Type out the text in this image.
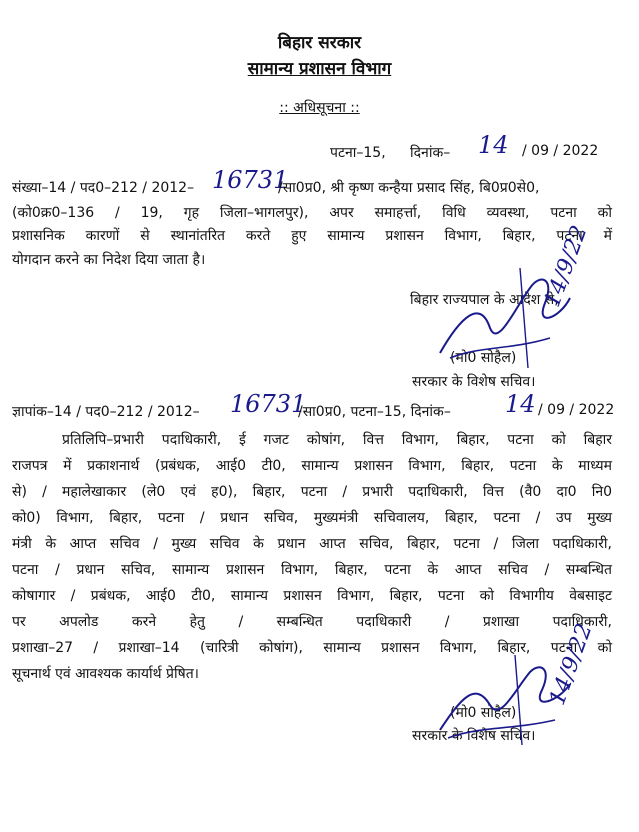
बिहार सरकार
सामान्य प्रशासन विभाग
:: अधिसूचना ::
पटना–15, दिनांक– 14 / 09 / 2022
संख्या–14 / पद0–212 / 2012– 16731
/सा0प्र0, श्री कृष्ण कन्हैया प्रसाद सिंह, बि0प्र0से0,
(को0क्र0–136 / 19, गृह जिला–भागलपुर), अपर समाहर्त्ता, विधि व्यवस्था, पटना को
प्रशासनिक कारणों से स्थानांतरित करते हुए सामान्य प्रशासन विभाग, बिहार, पटना में
योगदान करने का निदेश दिया जाता है।
बिहार राज्यपाल के आदेश से,
(मो0 सोहैल)
सरकार के विशेष सचिव।
14/9/22
ज्ञापांक–14 / पद0–212 / 2012– 16731
/सा0प्र0, पटना–15, दिनांक– 14 / 09 / 2022
प्रतिलिपि–प्रभारी पदाधिकारी, ई गजट कोषांग, वित्त विभाग, बिहार, पटना को बिहार
राजपत्र में प्रकाशनार्थ (प्रबंधक, आई0 टी0, सामान्य प्रशासन विभाग, बिहार, पटना के माध्यम
से) / महालेखाकार (ले0 एवं ह0), बिहार, पटना / प्रभारी पदाधिकारी, वित्त (वै0 दा0 नि0
को0) विभाग, बिहार, पटना / प्रधान सचिव, मुख्यमंत्री सचिवालय, बिहार, पटना / उप मुख्य
मंत्री के आप्त सचिव / मुख्य सचिव के प्रधान आप्त सचिव, बिहार, पटना / जिला पदाधिकारी,
पटना / प्रधान सचिव, सामान्य प्रशासन विभाग, बिहार, पटना के आप्त सचिव / सम्बन्धित
कोषागार / प्रबंधक, आई0 टी0, सामान्य प्रशासन विभाग, बिहार, पटना को विभागीय वेबसाइट
पर अपलोड करने हेतु / सम्बन्धित पदाधिकारी / प्रशाखा पदाधिकारी,
प्रशाखा–27 / प्रशाखा–14 (चारित्री कोषांग), सामान्य प्रशासन विभाग, बिहार, पटना को
सूचनार्थ एवं आवश्यक कार्यार्थ प्रेषित।
(मो0 सोहैल)
सरकार के विशेष सचिव।
14/9/22
